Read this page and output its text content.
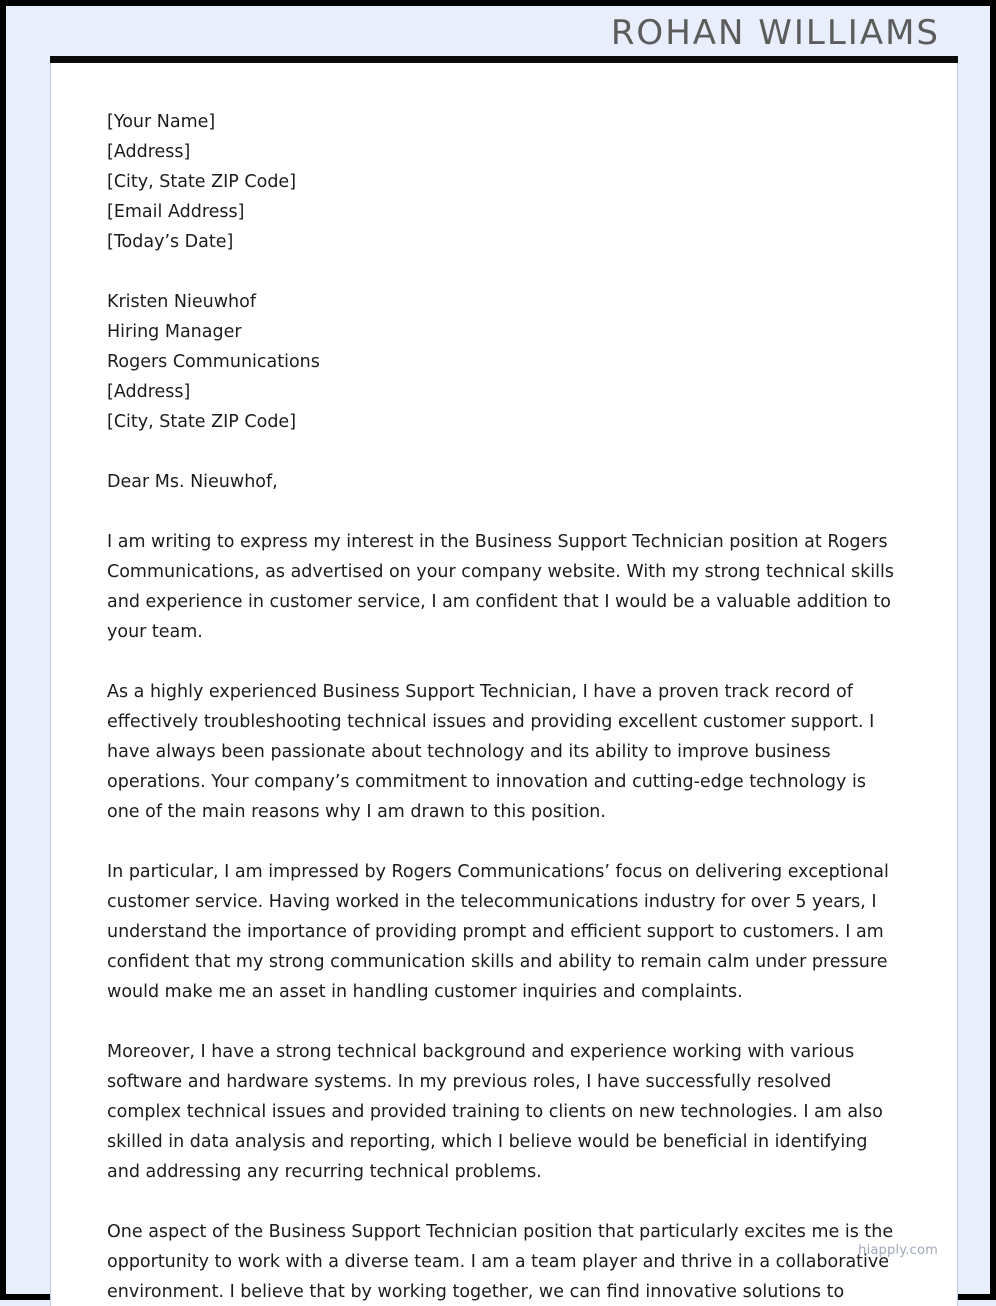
ROHAN WILLIAMS
[Your Name]
[Address]
[City, State ZIP Code]
[Email Address]
[Today’s Date]
Kristen Nieuwhof
Hiring Manager
Rogers Communications
[Address]
[City, State ZIP Code]

Dear Ms. Nieuwhof,

I am writing to express my interest in the Business Support Technician position at Rogers Communications, as advertised on your company website. With my strong technical skills and experience in customer service, I am confident that I would be a valuable addition to your team.

As a highly experienced Business Support Technician, I have a proven track record of effectively troubleshooting technical issues and providing excellent customer support. I have always been passionate about technology and its ability to improve business operations. Your company’s commitment to innovation and cutting-edge technology is one of the main reasons why I am drawn to this position.

In particular, I am impressed by Rogers Communications’ focus on delivering exceptional customer service. Having worked in the telecommunications industry for over 5 years, I understand the importance of providing prompt and efficient support to customers. I am confident that my strong communication skills and ability to remain calm under pressure would make me an asset in handling customer inquiries and complaints.

Moreover, I have a strong technical background and experience working with various software and hardware systems. In my previous roles, I have successfully resolved complex technical issues and provided training to clients on new technologies. I am also skilled in data analysis and reporting, which I believe would be beneficial in identifying and addressing any recurring technical problems.

One aspect of the Business Support Technician position that particularly excites me is the opportunity to work with a diverse team. I am a team player and thrive in a collaborative environment. I believe that by working together, we can find innovative solutions to

hiapply.com
